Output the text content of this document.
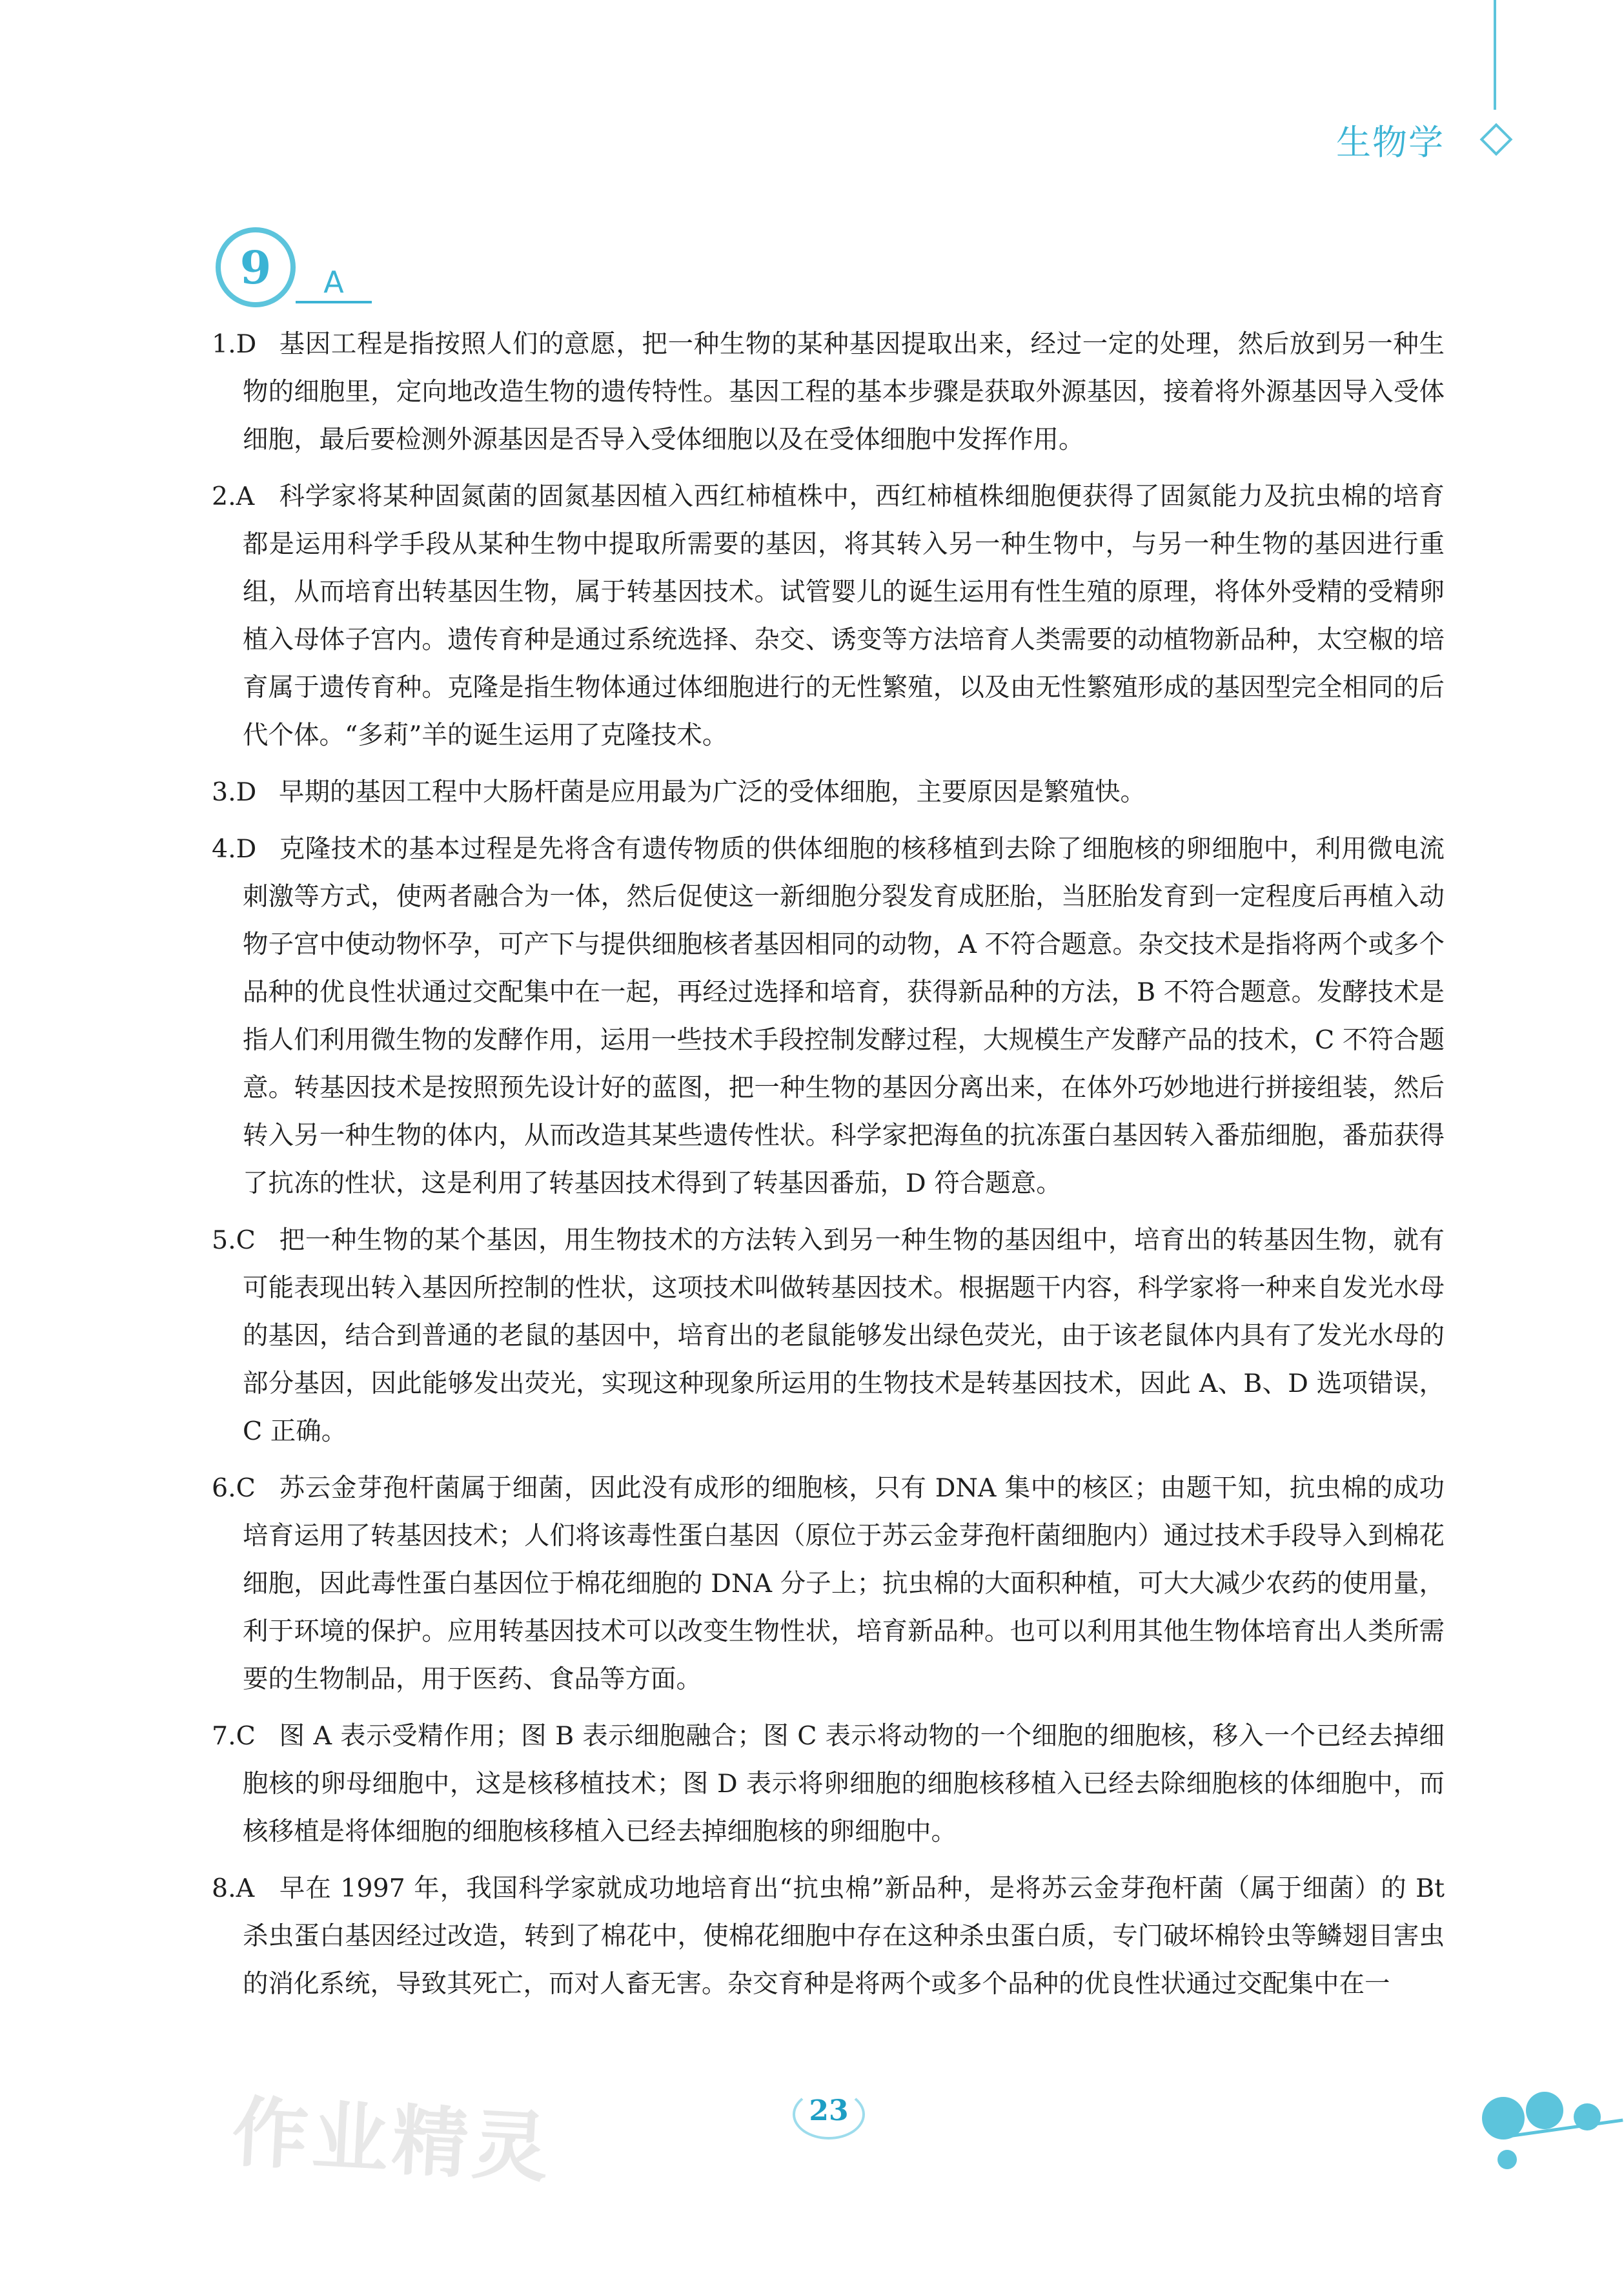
生物学
9	A

1.D 基因工程是指按照人们的意愿，把一种生物的某种基因提取出来，经过一定的处理，然后放到另一种生物的细胞里，定向地改造生物的遗传特性。基因工程的基本步骤是获取外源基因，接着将外源基因导入受体细胞，最后要检测外源基因是否导入受体细胞以及在受体细胞中发挥作用。

2.A 科学家将某种固氮菌的固氮基因植入西红柿植株中，西红柿植株细胞便获得了固氮能力及抗虫棉的培育都是运用科学手段从某种生物中提取所需要的基因，将其转入另一种生物中，与另一种生物的基因进行重组，从而培育出转基因生物，属于转基因技术。试管婴儿的诞生运用有性生殖的原理，将体外受精的受精卵植入母体子宫内。遗传育种是通过系统选择、杂交、诱变等方法培育人类需要的动植物新品种，太空椒的培育属于遗传育种。克隆是指生物体通过体细胞进行的无性繁殖，以及由无性繁殖形成的基因型完全相同的后代个体。“多莉”羊的诞生运用了克隆技术。

3.D 早期的基因工程中大肠杆菌是应用最为广泛的受体细胞，主要原因是繁殖快。

4.D 克隆技术的基本过程是先将含有遗传物质的供体细胞的核移植到去除了细胞核的卵细胞中，利用微电流刺激等方式，使两者融合为一体，然后促使这一新细胞分裂发育成胚胎，当胚胎发育到一定程度后再植入动物子宫中使动物怀孕，可产下与提供细胞核者基因相同的动物，A 不符合题意。杂交技术是指将两个或多个品种的优良性状通过交配集中在一起，再经过选择和培育，获得新品种的方法，B 不符合题意。发酵技术是指人们利用微生物的发酵作用，运用一些技术手段控制发酵过程，大规模生产发酵产品的技术，C 不符合题意。转基因技术是按照预先设计好的蓝图，把一种生物的基因分离出来，在体外巧妙地进行拼接组装，然后转入另一种生物的体内，从而改造其某些遗传性状。科学家把海鱼的抗冻蛋白基因转入番茄细胞，番茄获得了抗冻的性状，这是利用了转基因技术得到了转基因番茄，D 符合题意。

5.C 把一种生物的某个基因，用生物技术的方法转入到另一种生物的基因组中，培育出的转基因生物，就有可能表现出转入基因所控制的性状，这项技术叫做转基因技术。根据题干内容，科学家将一种来自发光水母的基因，结合到普通的老鼠的基因中，培育出的老鼠能够发出绿色荧光，由于该老鼠体内具有了发光水母的部分基因，因此能够发出荧光，实现这种现象所运用的生物技术是转基因技术，因此 A、B、D 选项错误，C 正确。

6.C 苏云金芽孢杆菌属于细菌，因此没有成形的细胞核，只有 DNA 集中的核区；由题干知，抗虫棉的成功培育运用了转基因技术；人们将该毒性蛋白基因（原位于苏云金芽孢杆菌细胞内）通过技术手段导入到棉花细胞，因此毒性蛋白基因位于棉花细胞的 DNA 分子上；抗虫棉的大面积种植，可大大减少农药的使用量，利于环境的保护。应用转基因技术可以改变生物性状，培育新品种。也可以利用其他生物体培育出人类所需要的生物制品，用于医药、食品等方面。

7.C 图 A 表示受精作用；图 B 表示细胞融合；图 C 表示将动物的一个细胞的细胞核，移入一个已经去掉细胞核的卵母细胞中，这是核移植技术；图 D 表示将卵细胞的细胞核移植入已经去除细胞核的体细胞中，而核移植是将体细胞的细胞核移植入已经去掉细胞核的卵细胞中。

8.A 早在 1997 年，我国科学家就成功地培育出“抗虫棉”新品种，是将苏云金芽孢杆菌（属于细菌）的 Bt 杀虫蛋白基因经过改造，转到了棉花中，使棉花细胞中存在这种杀虫蛋白质，专门破坏棉铃虫等鳞翅目害虫的消化系统，导致其死亡，而对人畜无害。杂交育种是将两个或多个品种的优良性状通过交配集中在一

作业精灵	23
